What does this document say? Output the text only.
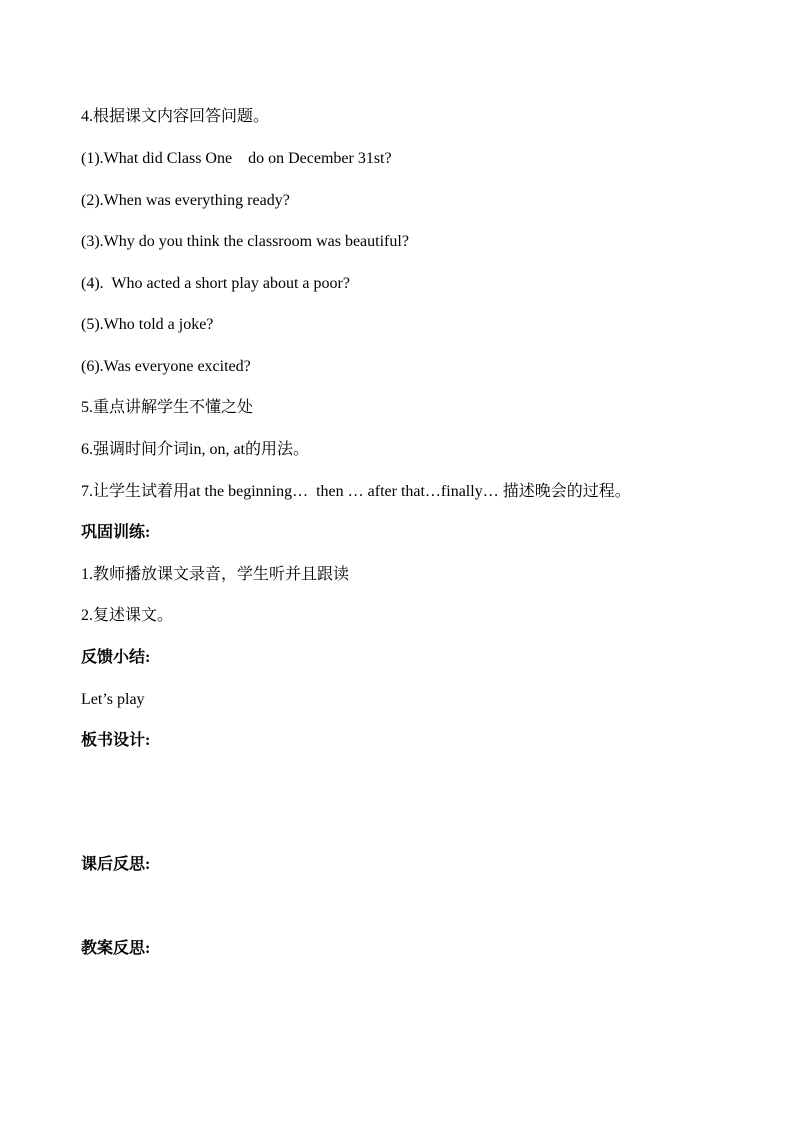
4.根据课文内容回答问题。
(1).What did Class One    do on December 31st?
(2).When was everything ready?
(3).Why do you think the classroom was beautiful?
(4).  Who acted a short play about a poor?
(5).Who told a joke?
(6).Was everyone excited?
5.重点讲解学生不懂之处
6.强调时间介词in, on, at的用法。
7.让学生试着用at the beginning…  then … after that…finally… 描述晚会的过程。
巩固训练:
1.教师播放课文录音，学生听并且跟读
2.复述课文。
反馈小结:
Let’s play
板书设计:
课后反思:
教案反思:
